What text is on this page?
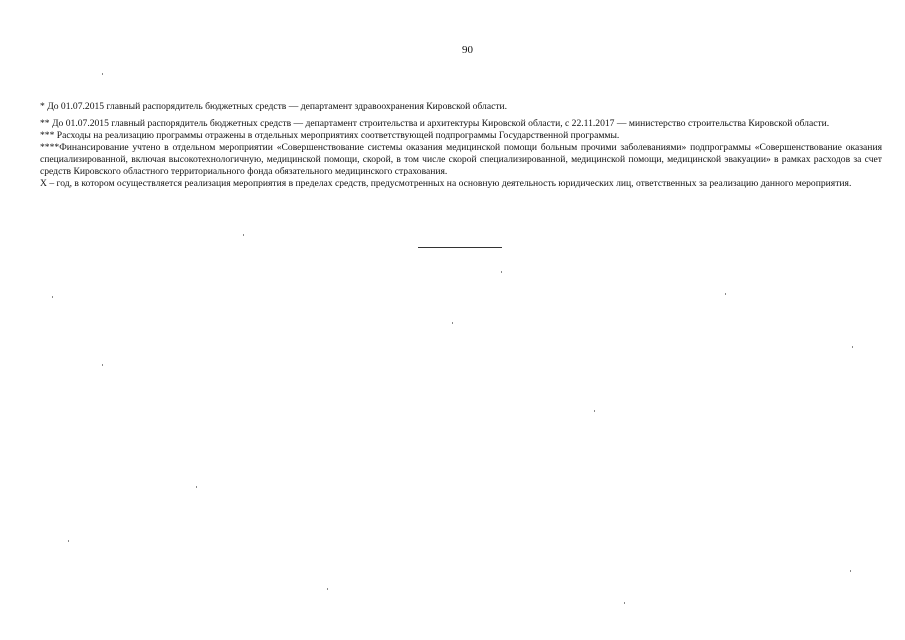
90

* До 01.07.2015 главный распорядитель бюджетных средств — департамент здравоохранения Кировской области.

** До 01.07.2015 главный распорядитель бюджетных средств — департамент строительства и архитектуры Кировской области, с 22.11.2017 — министерство строительства Кировской области.

*** Расходы на реализацию программы отражены в отдельных мероприятиях соответствующей подпрограммы Государственной программы.

****Финансирование учтено в отдельном мероприятии «Совершенствование системы оказания медицинской помощи больным прочими заболеваниями» подпрограммы «Совершенствование оказания специализированной, включая высокотехнологичную, медицинской помощи, скорой, в том числе скорой специализированной, медицинской помощи, медицинской эвакуации» в рамках расходов за счет средств Кировского областного территориального фонда обязательного медицинского страхования.

Х – год, в котором осуществляется реализация мероприятия в пределах средств, предусмотренных на основную деятельность юридических лиц, ответственных за реализацию данного мероприятия.
